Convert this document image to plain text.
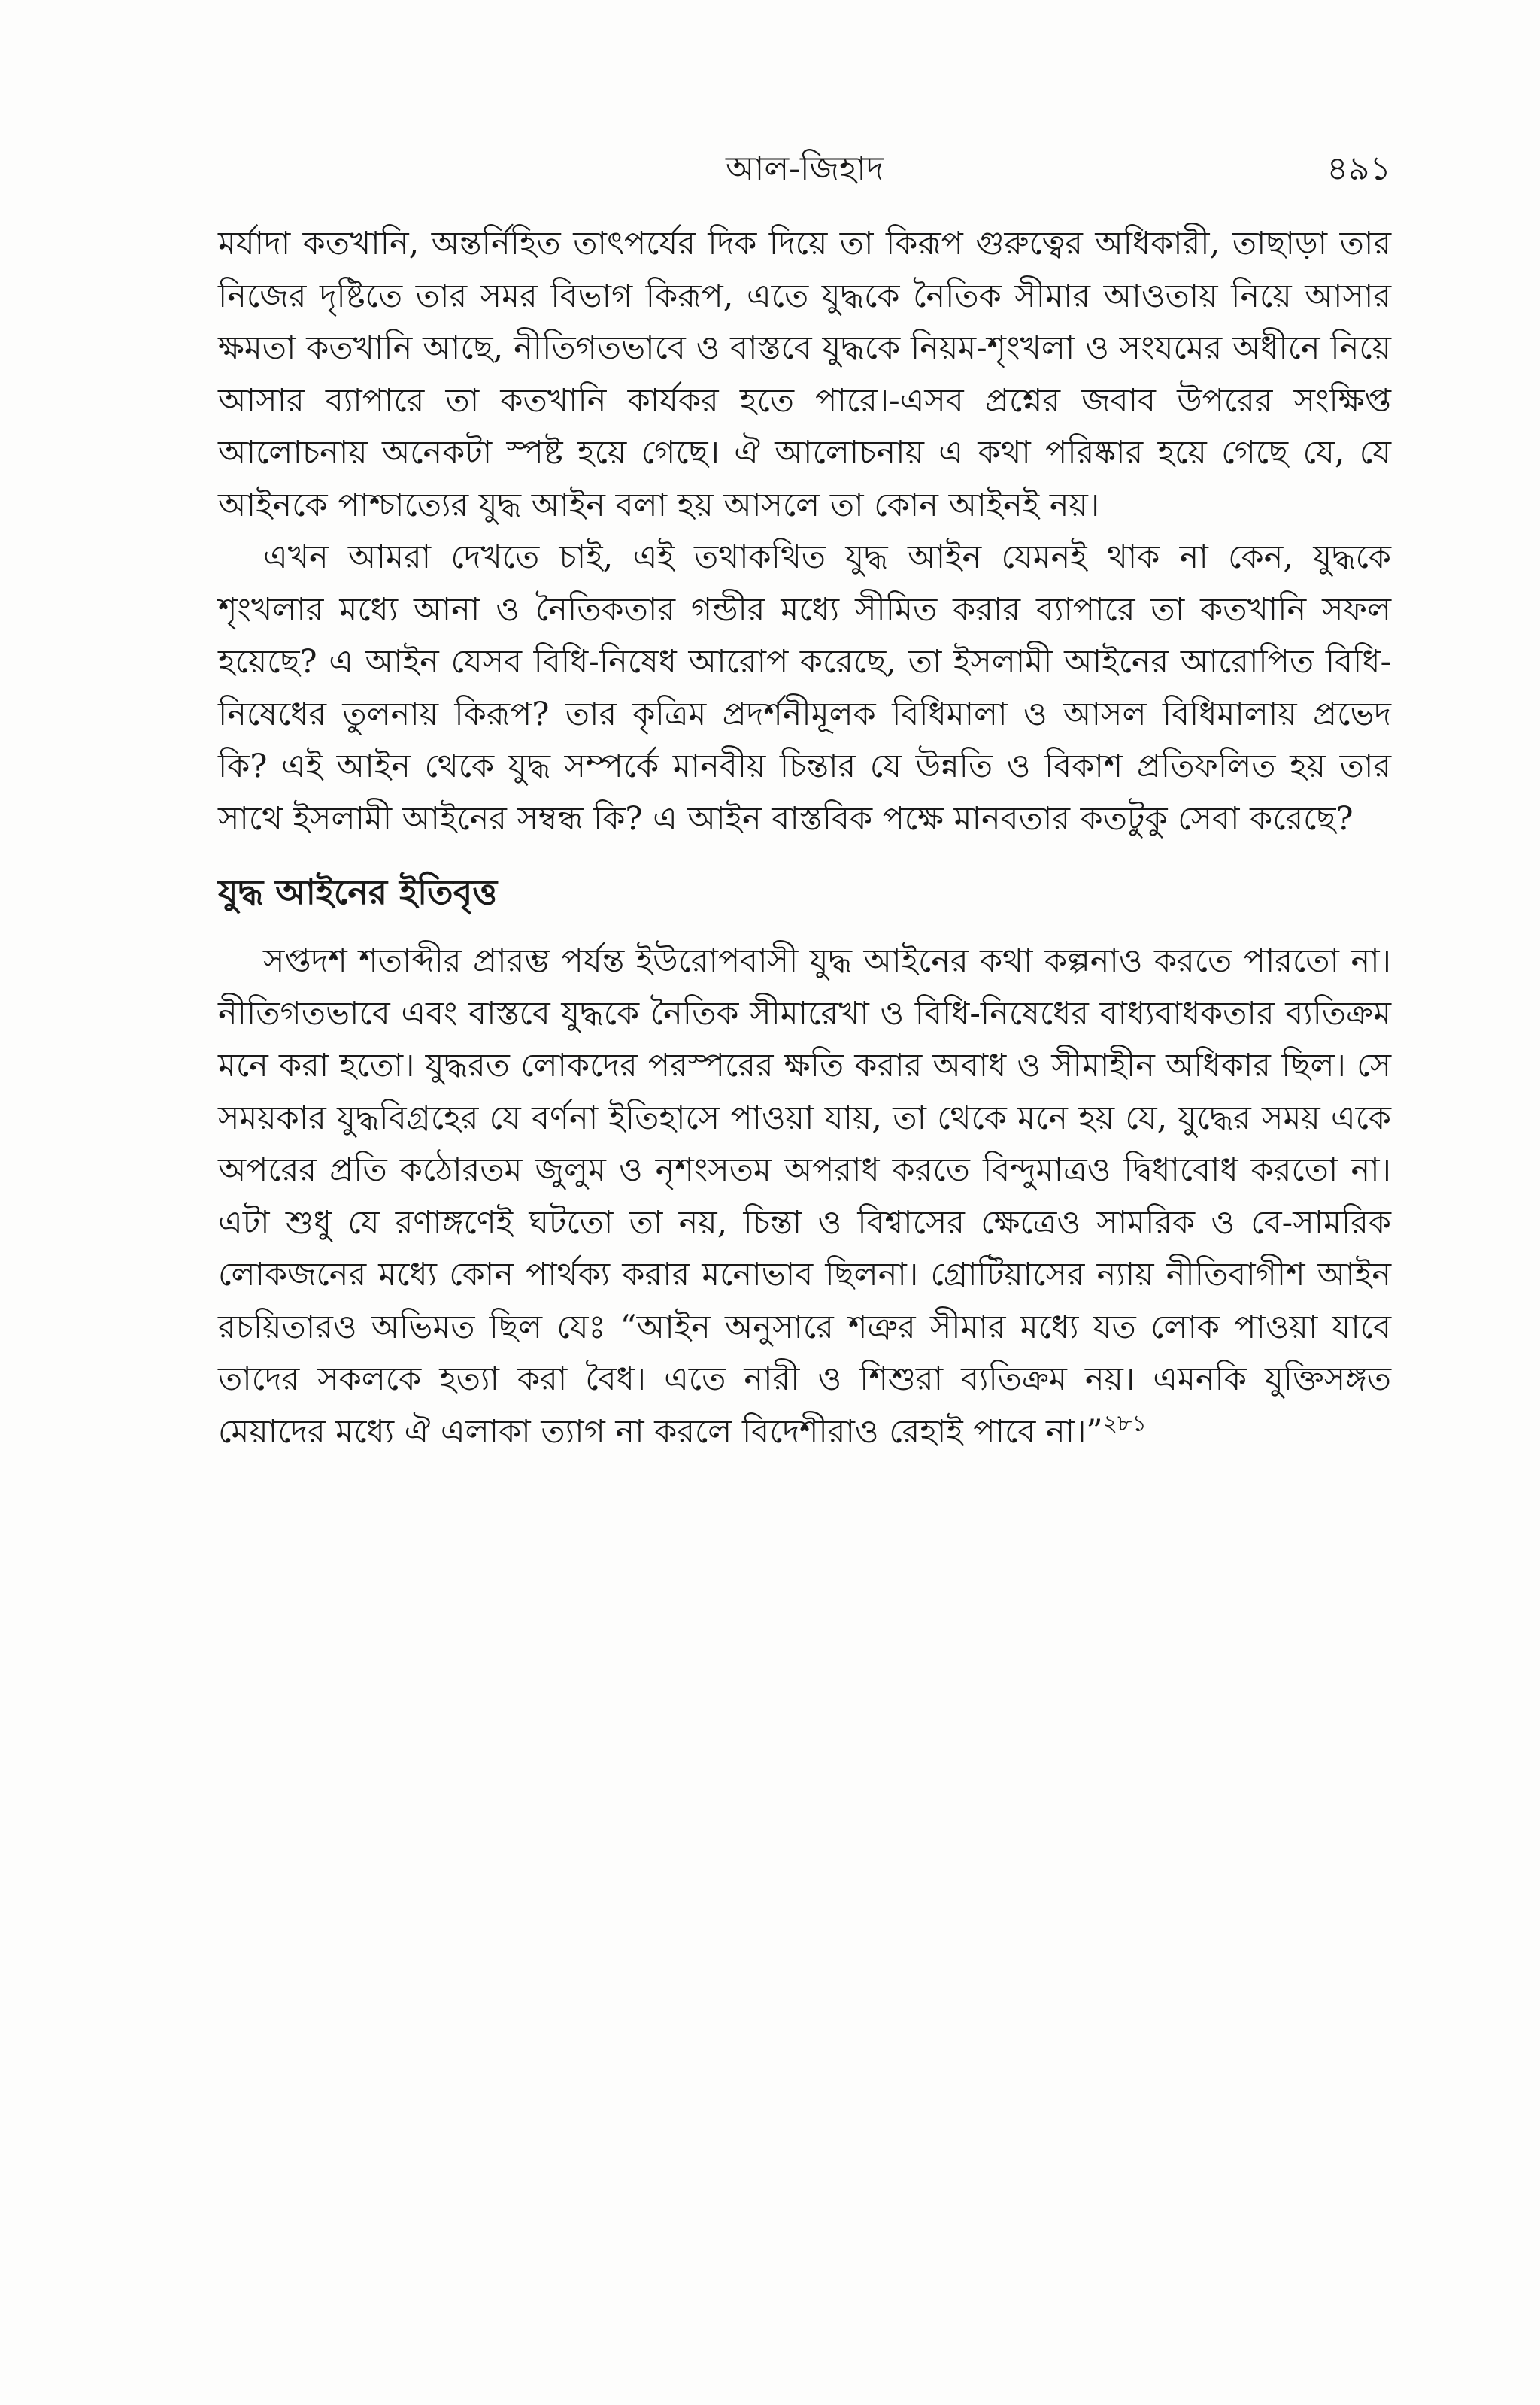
আল-জিহাদ	৪৯১

মর্যাদা কতখানি, অন্তর্নিহিত তাৎপর্যের দিক দিয়ে তা কিরূপ গুরুত্বের অধিকারী, তাছাড়া তার নিজের দৃষ্টিতে তার সমর বিভাগ কিরূপ, এতে যুদ্ধকে নৈতিক সীমার আওতায় নিয়ে আসার ক্ষমতা কতখানি আছে, নীতিগতভাবে ও বাস্তবে যুদ্ধকে নিয়ম-শৃংখলা ও সংযমের অধীনে নিয়ে আসার ব্যাপারে তা কতখানি কার্যকর হতে পারে।-এসব প্রশ্নের জবাব উপরের সংক্ষিপ্ত আলোচনায় অনেকটা স্পষ্ট হয়ে গেছে। ঐ আলোচনায় এ কথা পরিষ্কার হয়ে গেছে যে, যে আইনকে পাশ্চাত্যের যুদ্ধ আইন বলা হয় আসলে তা কোন আইনই নয়।

এখন আমরা দেখতে চাই, এই তথাকথিত যুদ্ধ আইন যেমনই থাক না কেন, যুদ্ধকে শৃংখলার মধ্যে আনা ও নৈতিকতার গন্ডীর মধ্যে সীমিত করার ব্যাপারে তা কতখানি সফল হয়েছে? এ আইন যেসব বিধি-নিষেধ আরোপ করেছে, তা ইসলামী আইনের আরোপিত বিধি-নিষেধের তুলনায় কিরূপ? তার কৃত্রিম প্রদর্শনীমূলক বিধিমালা ও আসল বিধিমালায় প্রভেদ কি? এই আইন থেকে যুদ্ধ সম্পর্কে মানবীয় চিন্তার যে উন্নতি ও বিকাশ প্রতিফলিত হয় তার সাথে ইসলামী আইনের সম্বন্ধ কি? এ আইন বাস্তবিক পক্ষে মানবতার কতটুকু সেবা করেছে?

যুদ্ধ আইনের ইতিবৃত্ত

সপ্তদশ শতাব্দীর প্রারম্ভ পর্যন্ত ইউরোপবাসী যুদ্ধ আইনের কথা কল্পনাও করতে পারতো না। নীতিগতভাবে এবং বাস্তবে যুদ্ধকে নৈতিক সীমারেখা ও বিধি-নিষেধের বাধ্যবাধকতার ব্যতিক্রম মনে করা হতো। যুদ্ধরত লোকদের পরস্পরের ক্ষতি করার অবাধ ও সীমাহীন অধিকার ছিল। সে সময়কার যুদ্ধবিগ্রহের যে বর্ণনা ইতিহাসে পাওয়া যায়, তা থেকে মনে হয় যে, যুদ্ধের সময় একে অপরের প্রতি কঠোরতম জুলুম ও নৃশংসতম অপরাধ করতে বিন্দুমাত্রও দ্বিধাবোধ করতো না। এটা শুধু যে রণাঙ্গণেই ঘটতো তা নয়, চিন্তা ও বিশ্বাসের ক্ষেত্রেও সামরিক ও বে-সামরিক লোকজনের মধ্যে কোন পার্থক্য করার মনোভাব ছিলনা। গ্রোটিয়াসের ন্যায় নীতিবাগীশ আইন রচয়িতারও অভিমত ছিল যেঃ “আইন অনুসারে শত্রুর সীমার মধ্যে যত লোক পাওয়া যাবে তাদের সকলকে হত্যা করা বৈধ। এতে নারী ও শিশুরা ব্যতিক্রম নয়। এমনকি যুক্তিসঙ্গত মেয়াদের মধ্যে ঐ এলাকা ত্যাগ না করলে বিদেশীরাও রেহাই পাবে না।”$^{২৮১}$
